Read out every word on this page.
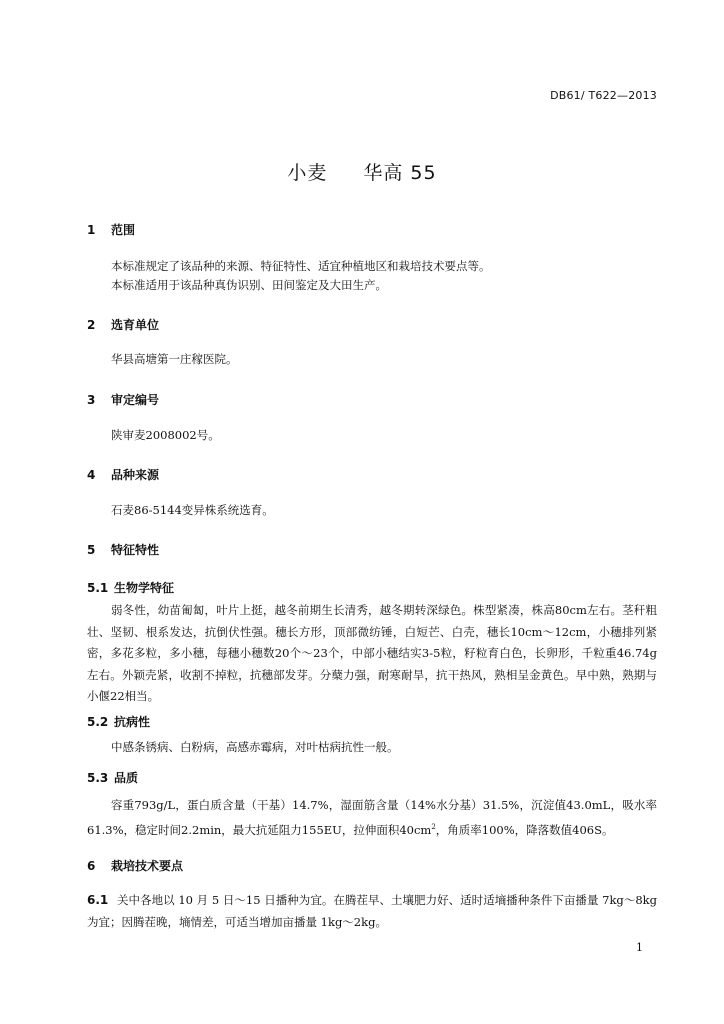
DB61/ T622—2013
小麦 华高 55
1 范围
本标准规定了该品种的来源、特征特性、适宜种植地区和栽培技术要点等。
本标准适用于该品种真伪识别、田间鉴定及大田生产。
2 选育单位
华县高塘第一庄稼医院。
3 审定编号
陕审麦2008002号。
4 品种来源
石麦86-5144变异株系统选育。
5 特征特性
5.1 生物学特征
弱冬性，幼苗匍匐，叶片上挺，越冬前期生长清秀，越冬期转深绿色。株型紧凑，株高80cm左右。茎秆粗壮、坚韧、根系发达，抗倒伏性强。穗长方形，顶部微纺锤，白短芒、白壳，穗长10cm～12cm，小穗排列紧密，多花多粒，多小穗，每穗小穗数20个～23个，中部小穗结实3-5粒，籽粒育白色，长卵形，千粒重46.74g左右。外颖壳紧，收割不掉粒，抗穗部发芽。分蘖力强，耐寒耐旱，抗干热风，熟相呈金黄色。早中熟，熟期与小偃22相当。
5.2 抗病性
中感条锈病、白粉病，高感赤霉病，对叶枯病抗性一般。
5.3 品质
容重793g/L，蛋白质含量（干基）14.7%，湿面筋含量（14%水分基）31.5%，沉淀值43.0mL，吸水率61.3%，稳定时间2.2min，最大抗延阻力155EU，拉伸面积$40cm^2$，角质率100%，降落数值406S。
6 栽培技术要点
6.1 关中各地以 10 月 5 日～15 日播种为宜。在腾茬早、土壤肥力好、适时适墒播种条件下亩播量 7kg～8kg 为宜；因腾茬晚，墒情差，可适当增加亩播量 1kg～2kg。
1
